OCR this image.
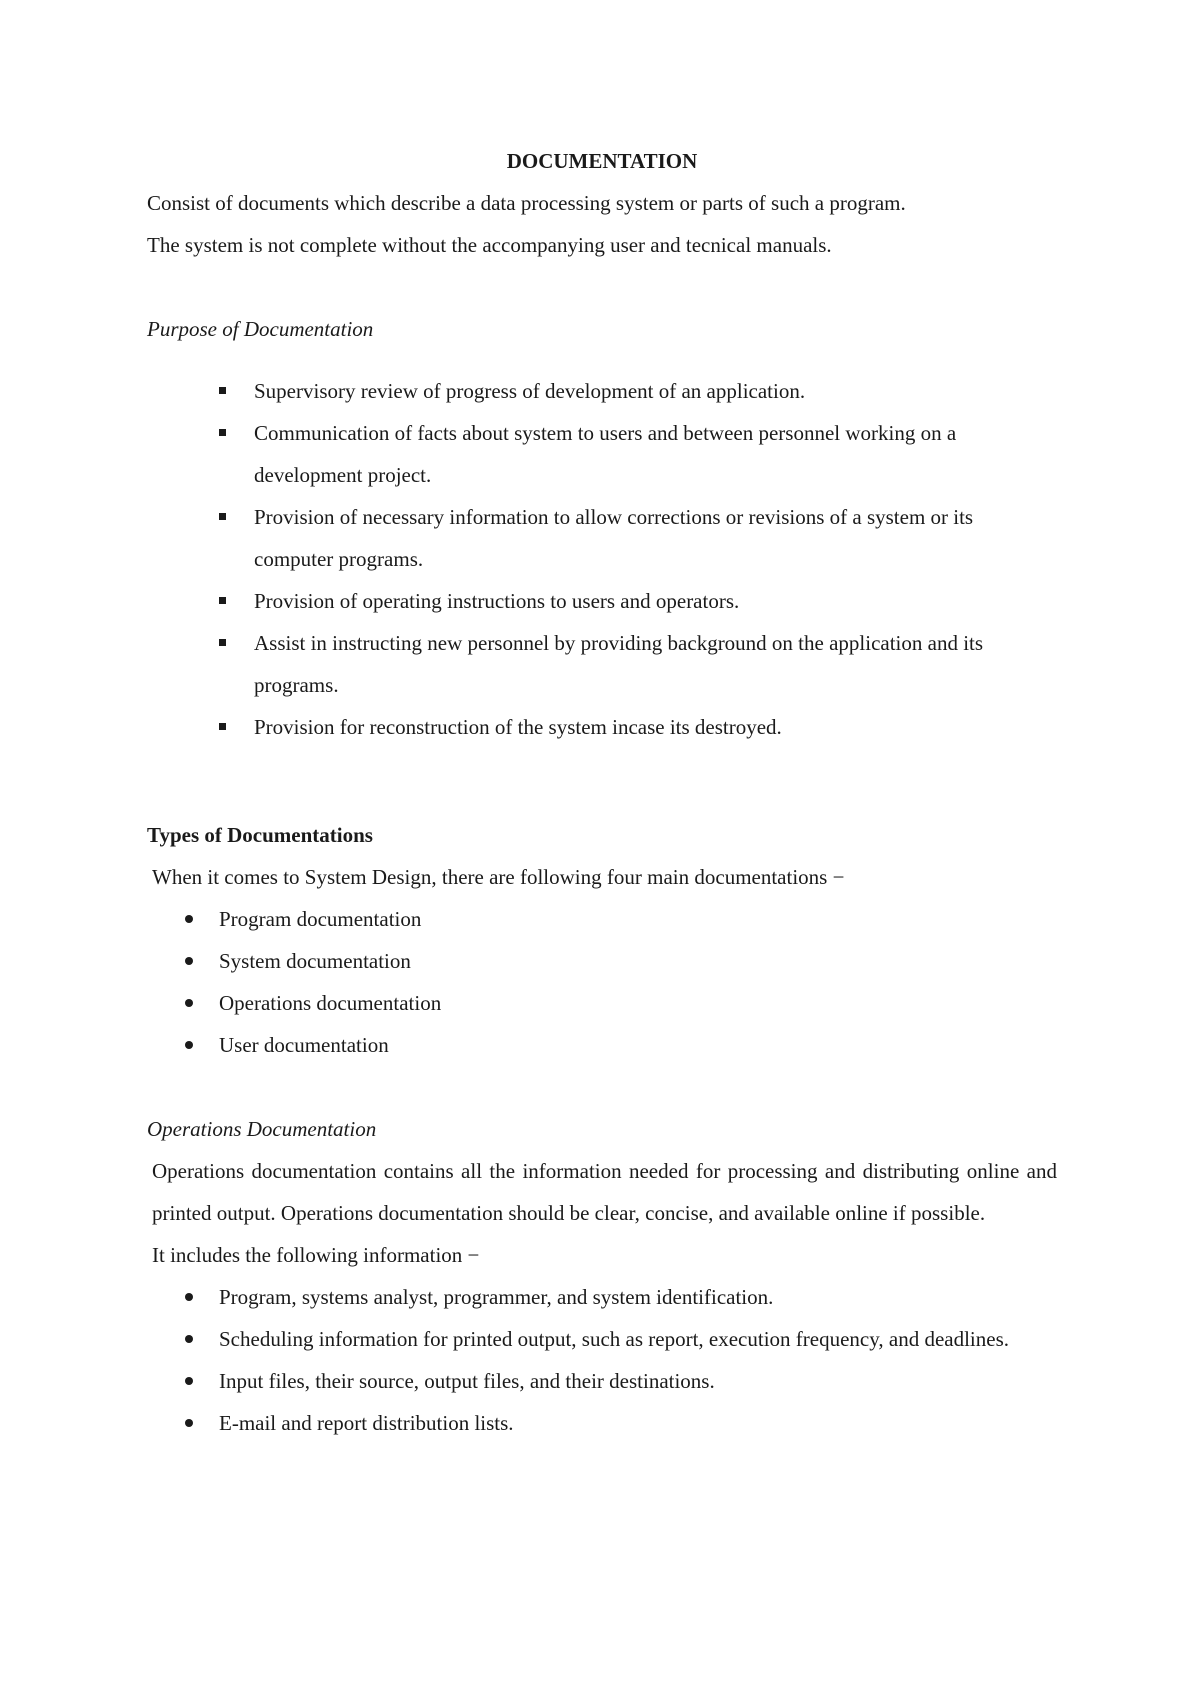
DOCUMENTATION

Consist of documents which describe a data processing system or parts of such a program.

The system is not complete without the accompanying user and tecnical manuals.

Purpose of Documentation

Supervisory review of progress of development of an application.
Communication of facts about system to users and between personnel working on a development project.
Provision of necessary information to allow corrections or revisions of a system or its computer programs.
Provision of operating instructions to users and operators.
Assist in instructing new personnel by providing background on the application and its programs.
Provision for reconstruction of the system incase its destroyed.

Types of Documentations

When it comes to System Design, there are following four main documentations −

Program documentation
System documentation
Operations documentation
User documentation

Operations Documentation

Operations documentation contains all the information needed for processing and distributing online and printed output. Operations documentation should be clear, concise, and available online if possible.

It includes the following information −

Program, systems analyst, programmer, and system identification.
Scheduling information for printed output, such as report, execution frequency, and deadlines.
Input files, their source, output files, and their destinations.
E-mail and report distribution lists.
